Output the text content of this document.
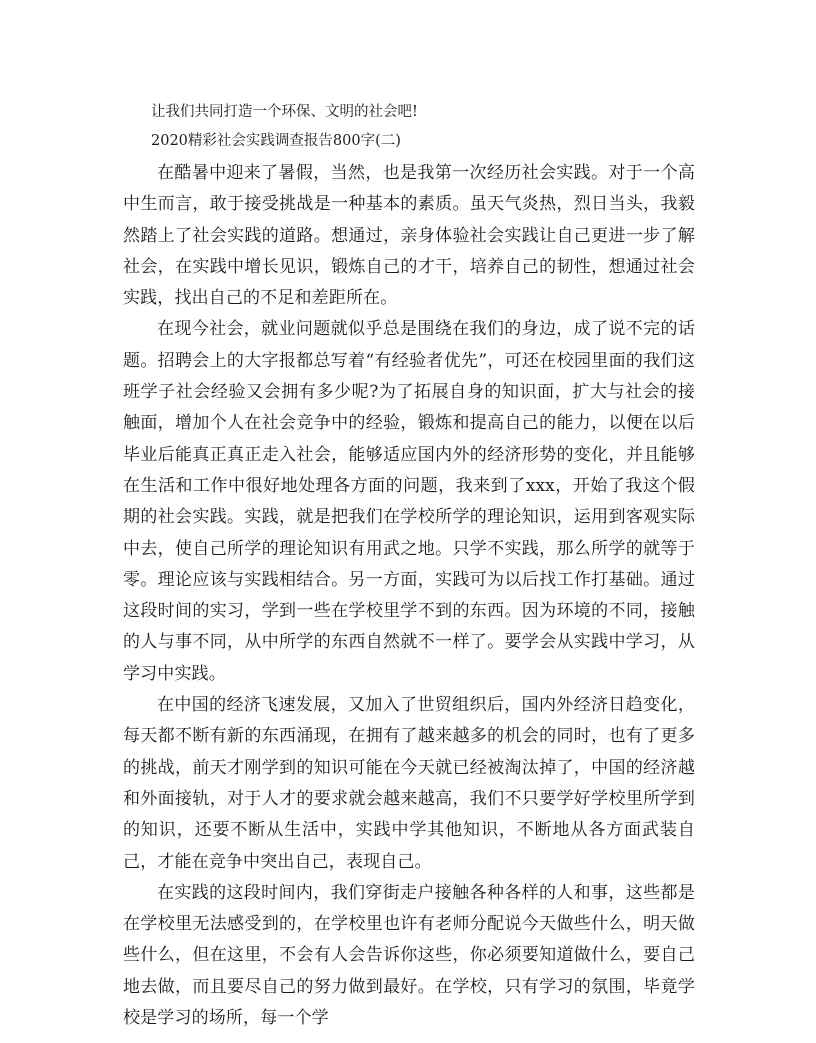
让我们共同打造一个环保、文明的社会吧!

2020精彩社会实践调查报告800字(二)

在酷暑中迎来了暑假，当然，也是我第一次经历社会实践。对于一个高中生而言，敢于接受挑战是一种基本的素质。虽天气炎热，烈日当头，我毅然踏上了社会实践的道路。想通过，亲身体验社会实践让自己更进一步了解社会，在实践中增长见识，锻炼自己的才干，培养自己的韧性，想通过社会实践，找出自己的不足和差距所在。

在现今社会，就业问题就似乎总是围绕在我们的身边，成了说不完的话题。招聘会上的大字报都总写着“有经验者优先”，可还在校园里面的我们这班学子社会经验又会拥有多少呢?为了拓展自身的知识面，扩大与社会的接触面，增加个人在社会竞争中的经验，锻炼和提高自己的能力，以便在以后毕业后能真正真正走入社会，能够适应国内外的经济形势的变化，并且能够在生活和工作中很好地处理各方面的问题，我来到了xxx，开始了我这个假期的社会实践。实践，就是把我们在学校所学的理论知识，运用到客观实际中去，使自己所学的理论知识有用武之地。只学不实践，那么所学的就等于零。理论应该与实践相结合。另一方面，实践可为以后找工作打基础。通过这段时间的实习，学到一些在学校里学不到的东西。因为环境的不同，接触的人与事不同，从中所学的东西自然就不一样了。要学会从实践中学习，从学习中实践。

在中国的经济飞速发展，又加入了世贸组织后，国内外经济日趋变化，每天都不断有新的东西涌现，在拥有了越来越多的机会的同时，也有了更多的挑战，前天才刚学到的知识可能在今天就已经被淘汰掉了，中国的经济越和外面接轨，对于人才的要求就会越来越高，我们不只要学好学校里所学到的知识，还要不断从生活中，实践中学其他知识，不断地从各方面武装自己，才能在竞争中突出自己，表现自己。

在实践的这段时间内，我们穿街走户接触各种各样的人和事，这些都是在学校里无法感受到的，在学校里也许有老师分配说今天做些什么，明天做些什么，但在这里，不会有人会告诉你这些，你必须要知道做什么，要自己地去做，而且要尽自己的努力做到最好。在学校，只有学习的氛围，毕竟学校是学习的场所，每一个学
